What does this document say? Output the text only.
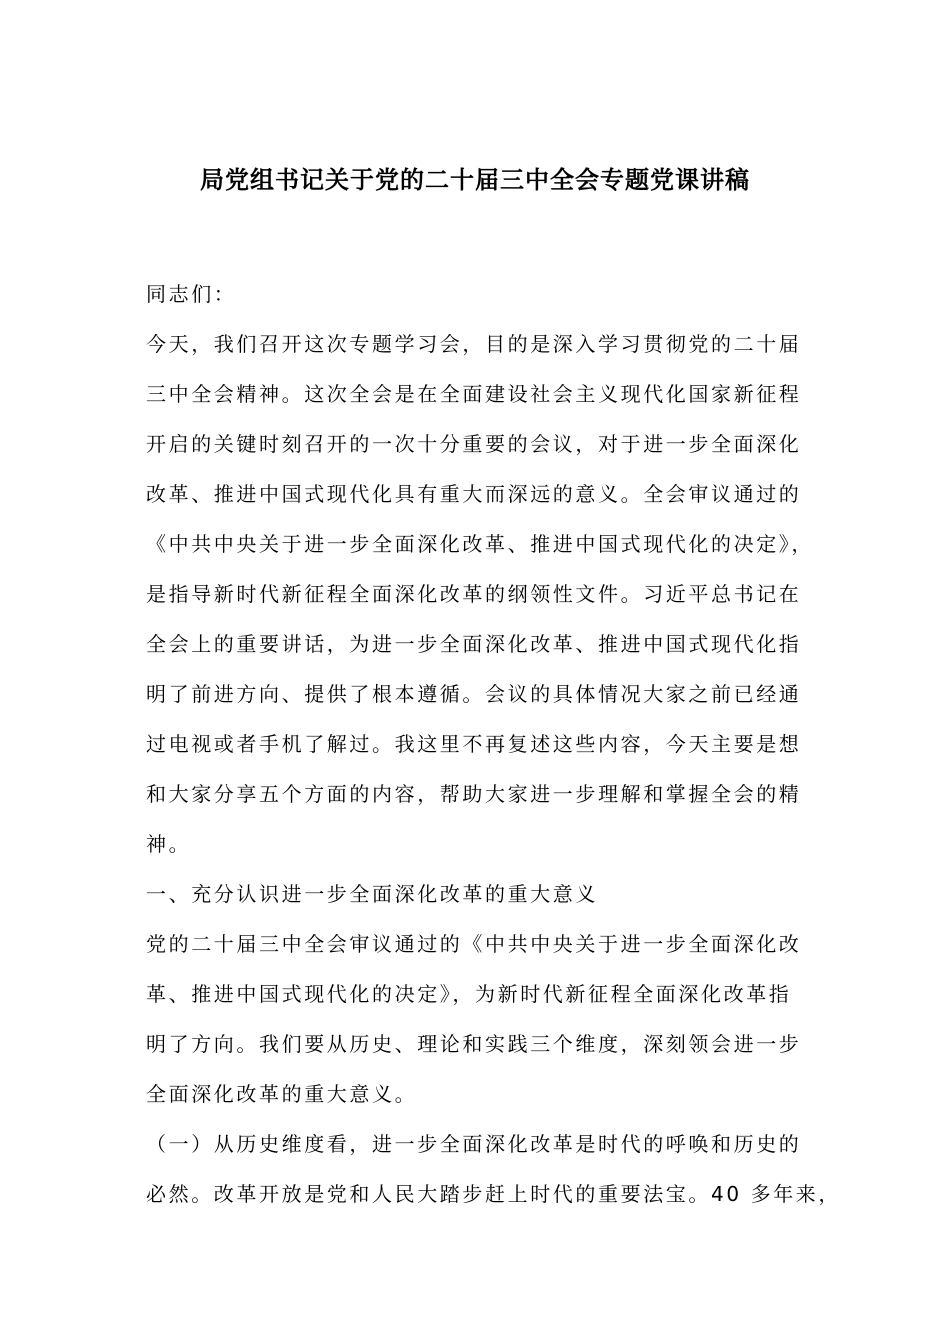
局党组书记关于党的二十届三中全会专题党课讲稿
同志们：
今天，我们召开这次专题学习会，目的是深入学习贯彻党的二十届
三中全会精神。这次全会是在全面建设社会主义现代化国家新征程
开启的关键时刻召开的一次十分重要的会议，对于进一步全面深化
改革、推进中国式现代化具有重大而深远的意义。全会审议通过的
《中共中央关于进一步全面深化改革、推进中国式现代化的决定》，
是指导新时代新征程全面深化改革的纲领性文件。习近平总书记在
全会上的重要讲话，为进一步全面深化改革、推进中国式现代化指
明了前进方向、提供了根本遵循。会议的具体情况大家之前已经通
过电视或者手机了解过。我这里不再复述这些内容，今天主要是想
和大家分享五个方面的内容，帮助大家进一步理解和掌握全会的精
神。
一、充分认识进一步全面深化改革的重大意义
党的二十届三中全会审议通过的《中共中央关于进一步全面深化改
革、推进中国式现代化的决定》，为新时代新征程全面深化改革指
明了方向。我们要从历史、理论和实践三个维度，深刻领会进一步
全面深化改革的重大意义。
（一）从历史维度看，进一步全面深化改革是时代的呼唤和历史的
必然。改革开放是党和人民大踏步赶上时代的重要法宝。40 多年来，
